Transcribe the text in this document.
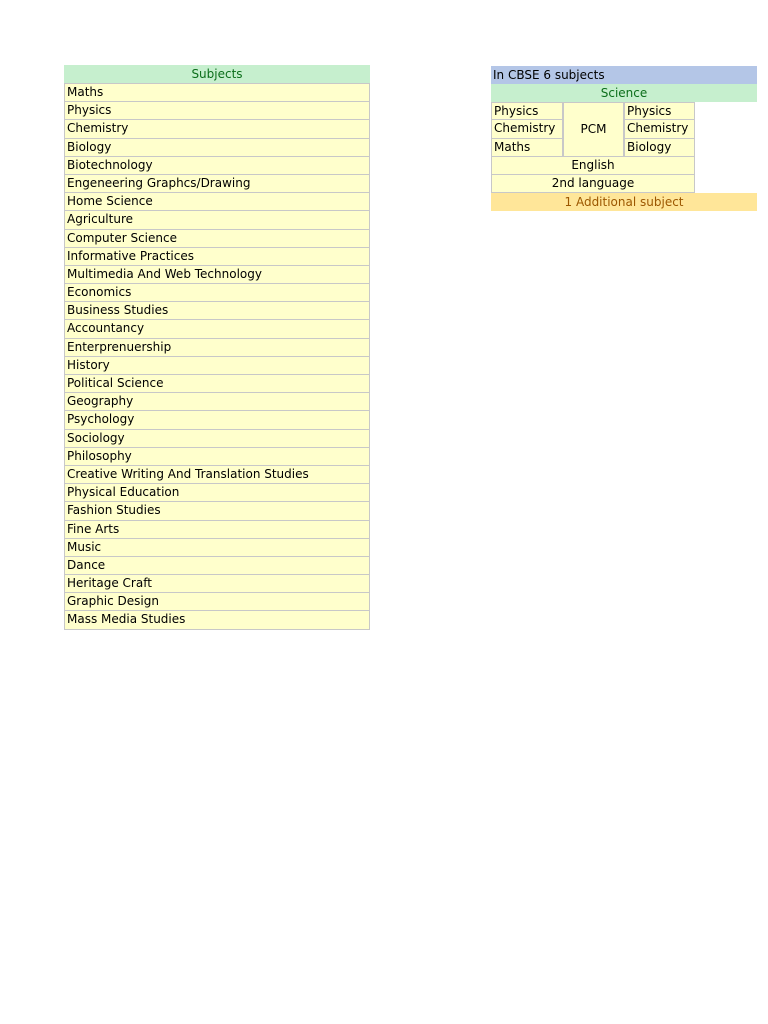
Subjects
Maths
Physics
Chemistry
Biology
Biotechnology
Engeneering Graphcs/Drawing
Home Science
Agriculture
Computer Science
Informative Practices
Multimedia And Web Technology
Economics
Business Studies
Accountancy
Enterprenuership
History
Political Science
Geography
Psychology
Sociology
Philosophy
Creative Writing And Translation Studies
Physical Education
Fashion Studies
Fine Arts
Music
Dance
Heritage Craft
Graphic Design
Mass Media Studies
In CBSE 6 subjects
Science
Physics
Chemistry
Maths
PCM
Physics
Chemistry
Biology
English
2nd language
1 Additional subject
